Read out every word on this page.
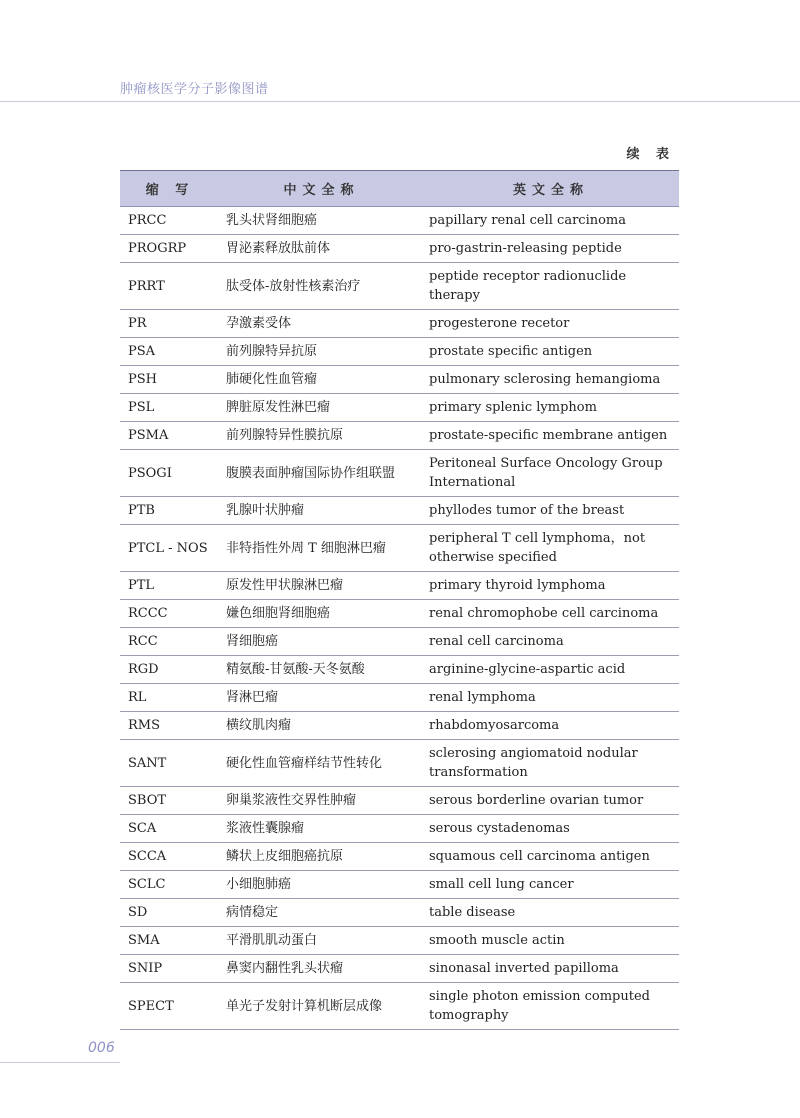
肿瘤核医学分子影像图谱
续 表
缩 写	中文全称	英文全称
PRCC	乳头状肾细胞癌	papillary renal cell carcinoma
PROGRP	胃泌素释放肽前体	pro-gastrin-releasing peptide
PRRT	肽受体-放射性核素治疗	peptide receptor radionuclide therapy
PR	孕激素受体	progesterone recetor
PSA	前列腺特异抗原	prostate specific antigen
PSH	肺硬化性血管瘤	pulmonary sclerosing hemangioma
PSL	脾脏原发性淋巴瘤	primary splenic lymphom
PSMA	前列腺特异性膜抗原	prostate-specific membrane antigen
PSOGI	腹膜表面肿瘤国际协作组联盟	Peritoneal Surface Oncology Group International
PTB	乳腺叶状肿瘤	phyllodes tumor of the breast
PTCL - NOS	非特指性外周 T 细胞淋巴瘤	peripheral T cell lymphoma，not otherwise specified
PTL	原发性甲状腺淋巴瘤	primary thyroid lymphoma
RCCC	嫌色细胞肾细胞癌	renal chromophobe cell carcinoma
RCC	肾细胞癌	renal cell carcinoma
RGD	精氨酸-甘氨酸-天冬氨酸	arginine-glycine-aspartic acid
RL	肾淋巴瘤	renal lymphoma
RMS	横纹肌肉瘤	rhabdomyosarcoma
SANT	硬化性血管瘤样结节性转化	sclerosing angiomatoid nodular transformation
SBOT	卵巢浆液性交界性肿瘤	serous borderline ovarian tumor
SCA	浆液性囊腺瘤	serous cystadenomas
SCCA	鳞状上皮细胞癌抗原	squamous cell carcinoma antigen
SCLC	小细胞肺癌	small cell lung cancer
SD	病情稳定	table disease
SMA	平滑肌肌动蛋白	smooth muscle actin
SNIP	鼻窦内翻性乳头状瘤	sinonasal inverted papilloma
SPECT	单光子发射计算机断层成像	single photon emission computed tomography
006
